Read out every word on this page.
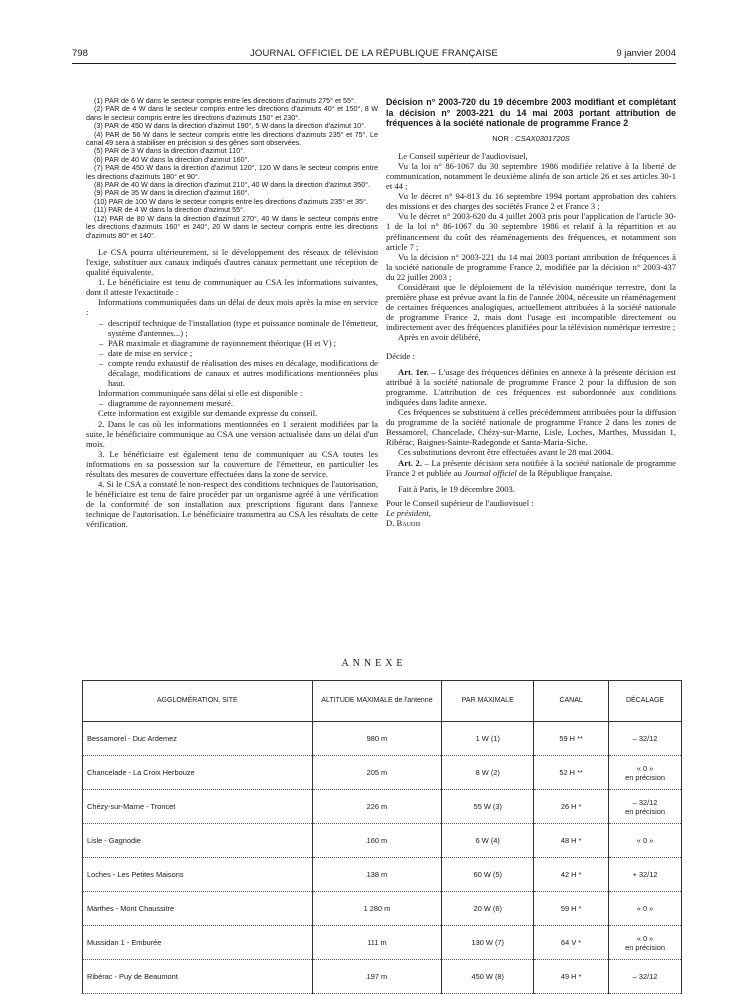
798	JOURNAL OFFICIEL DE LA RÉPUBLIQUE FRANÇAISE	9 janvier 2004

(1) PAR de 6 W dans le secteur compris entre les directions d'azimuts 275° et 55°.

(2) PAR de 4 W dans le secteur compris entre les directions d'azimuts 40° et 150°, 8 W dans le secteur compris entre les directions d'azimuts 150° et 230°.

(3) PAR de 450 W dans la direction d'azimut 190°, 5 W dans la direction d'azimut 10°.

(4) PAR de 56 W dans le secteur compris entre les directions d'azimuts 235° et 75°. Le canal 49 sera à stabiliser en précision si des gênes sont observées.

(5) PAR de 3 W dans la direction d'azimut 110°.

(6) PAR de 40 W dans la direction d'azimut 160°.

(7) PAR de 450 W dans la direction d'azimut 120°, 120 W dans le secteur compris entre les directions d'azimuts 180° et 90°.

(8) PAR de 40 W dans la direction d'azimut 210°, 40 W dans la direction d'azimut 350°.

(9) PAR de 35 W dans la direction d'azimut 160°.

(10) PAR de 100 W dans le secteur compris entre les directions d'azimuts 235° et 35°.

(11) PAR de 4 W dans la direction d'azimut 55°.

(12) PAR de 80 W dans la direction d'azimut 270°, 40 W dans le secteur compris entre les directions d'azimuts 160° et 240°, 20 W dans le secteur compris entre les directions d'azimuts 80° et 140°.

Le CSA pourra ultérieurement, si le développement des réseaux de télévision l'exige, substituer aux canaux indiqués d'autres canaux permettant une réception de qualité équivalente.

1. Le bénéficiaire est tenu de communiquer au CSA les informations suivantes, dont il atteste l'exactitude :

Informations communiquées dans un délai de deux mois après la mise en service :

– descriptif technique de l'installation (type et puissance nominale de l'émetteur, système d'antennes...) ;
– PAR maximale et diagramme de rayonnement théorique (H et V) ;
– date de mise en service ;
– compte rendu exhaustif de réalisation des mises en décalage, modifications de décalage, modifications de canaux et autres modifications mentionnées plus haut.

Information communiquée sans délai si elle est disponible :

– diagramme de rayonnement mesuré.

Cette information est exigible sur demande expresse du conseil.

2. Dans le cas où les informations mentionnées en 1 seraient modifiées par la suite, le bénéficiaire communique au CSA une version actualisée dans un délai d'un mois.

3. Le bénéficiaire est également tenu de communiquer au CSA toutes les informations en sa possession sur la couverture de l'émetteur, en particulier les résultats des mesures de couverture effectuées dans la zone de service.

4. Si le CSA a constaté le non-respect des conditions techniques de l'autorisation, le bénéficiaire est tenu de faire procéder par un organisme agréé à une vérification de la conformité de son installation aux prescriptions figurant dans l'annexe technique de l'autorisation. Le bénéficiaire transmettra au CSA les résultats de cette vérification.

Décision n° 2003-720 du 19 décembre 2003 modifiant et complétant la décision n° 2003-221 du 14 mai 2003 portant attribution de fréquences à la société nationale de programme France 2
NOR : CSAX0301720S

Le Conseil supérieur de l'audiovisuel,

Vu la loi n° 86-1067 du 30 septembre 1986 modifiée relative à la liberté de communication, notamment le deuxième alinéa de son article 26 et ses articles 30-1 et 44 ;

Vu le décret n° 94-813 du 16 septembre 1994 portant approbation des cahiers des missions et des charges des sociétés France 2 et France 3 ;

Vu le décret n° 2003-620 du 4 juillet 2003 pris pour l'application de l'article 30-1 de la loi n° 86-1067 du 30 septembre 1986 et relatif à la répartition et au préfinancement du coût des réaménagements des fréquences, et notamment son article 7 ;

Vu la décision n° 2003-221 du 14 mai 2003 portant attribution de fréquences à la société nationale de programme France 2, modifiée par la décision n° 2003-437 du 22 juillet 2003 ;

Considérant que le déploiement de la télévision numérique terrestre, dont la première phase est prévue avant la fin de l'année 2004, nécessite un réaménagement de certaines fréquences analogiques, actuellement attribuées à la société nationale de programme France 2, mais dont l'usage est incompatible directement ou indirectement avec des fréquences planifiées pour la télévision numérique terrestre ;

Après en avoir délibéré,

Décide :

Art. 1er. – L'usage des fréquences définies en annexe à la présente décision est attribué à la société nationale de programme France 2 pour la diffusion de son programme. L'attribution de ces fréquences est subordonnée aux conditions indiquées dans ladite annexe.

Ces fréquences se substituent à celles précédemment attribuées pour la diffusion du programme de la société nationale de programme France 2 dans les zones de Bessamorel, Chancelade, Chézy-sur-Marne, Lisle, Loches, Marthes, Mussidan 1, Ribérac, Baignes-Sainte-Radegonde et Santa-Maria-Siche.

Ces substitutions devront être effectuées avant le 28 mai 2004.

Art. 2. – La présente décision sera notifiée à la société nationale de programme France 2 et publiée au Journal officiel de la République française.

Fait à Paris, le 19 décembre 2003.

Pour le Conseil supérieur de l'audiovisuel :

Le président,

D. Baudis

ANNEXE
AGGLOMÉRATION, SITE	ALTITUDE MAXIMALE de l'antenne	PAR MAXIMALE	CANAL	DÉCALAGE
Bessamorel - Duc Ardemez	980 m	1 W (1)	59 H **	– 32/12
Chancelade - La Croix Herbouze	205 m	8 W (2)	52 H **	« 0 »
en précision
Chézy-sur-Marne - Troncet	226 m	55 W (3)	26 H *	– 32/12
en précision
Lisle - Gagnodie	160 m	6 W (4)	48 H *	« 0 »
Loches - Les Petites Maisons	138 m	60 W (5)	42 H *	+ 32/12
Marthes - Mont Chaussitre	1 280 m	20 W (6)	59 H *	« 0 »
Mussidan 1 - Emburée	111 m	130 W (7)	64 V *	« 0 »
en précision
Ribérac - Puy de Beaumont	197 m	450 W (8)	49 H *	– 32/12
